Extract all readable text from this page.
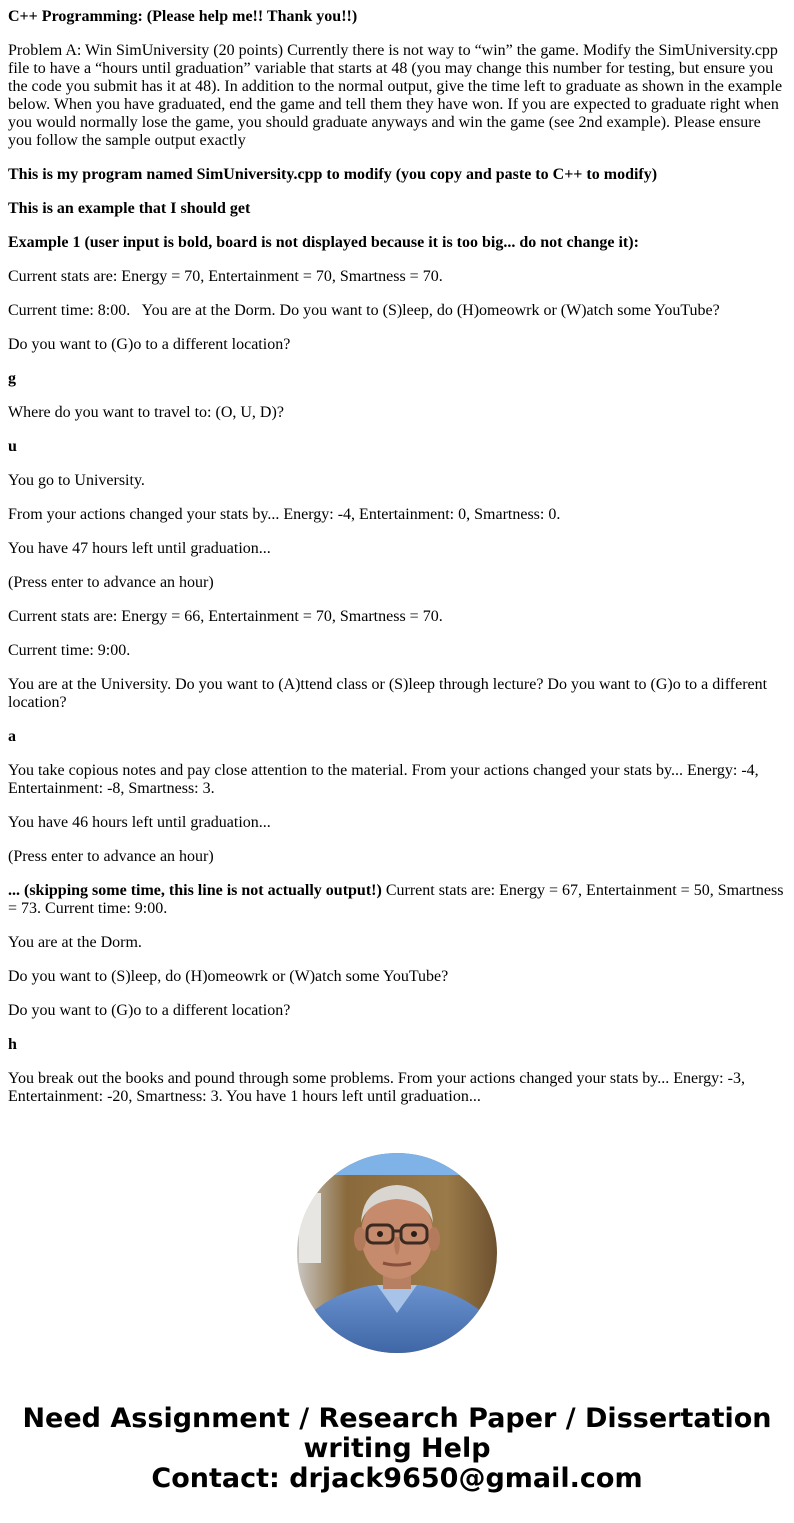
C++ Programming: (Please help me!! Thank you!!)

Problem A: Win SimUniversity (20 points) Currently there is not way to “win” the game. Modify the SimUniversity.cpp file to have a “hours until graduation” variable that starts at 48 (you may change this number for testing, but ensure you the code you submit has it at 48). In addition to the normal output, give the time left to graduate as shown in the example below. When you have graduated, end the game and tell them they have won. If you are expected to graduate right when you would normally lose the game, you should graduate anyways and win the game (see 2nd example). Please ensure you follow the sample output exactly

This is my program named SimUniversity.cpp to modify (you copy and paste to C++ to modify)

This is an example that I should get

Example 1 (user input is bold, board is not displayed because it is too big... do not change it):

Current stats are: Energy = 70, Entertainment = 70, Smartness = 70.

Current time: 8:00.   You are at the Dorm. Do you want to (S)leep, do (H)omeowrk or (W)atch some YouTube?

Do you want to (G)o to a different location?

g

Where do you want to travel to: (O, U, D)?

u

You go to University.

From your actions changed your stats by... Energy: -4, Entertainment: 0, Smartness: 0.

You have 47 hours left until graduation...

(Press enter to advance an hour)

Current stats are: Energy = 66, Entertainment = 70, Smartness = 70.

Current time: 9:00.

You are at the University. Do you want to (A)ttend class or (S)leep through lecture? Do you want to (G)o to a different location?

a

You take copious notes and pay close attention to the material. From your actions changed your stats by... Energy: -4, Entertainment: -8, Smartness: 3.

You have 46 hours left until graduation...

(Press enter to advance an hour)

... (skipping some time, this line is not actually output!) Current stats are: Energy = 67, Entertainment = 50, Smartness = 73. Current time: 9:00.

You are at the Dorm.

Do you want to (S)leep, do (H)omeowrk or (W)atch some YouTube?

Do you want to (G)o to a different location?

h

You break out the books and pound through some problems. From your actions changed your stats by... Energy: -3, Entertainment: -20, Smartness: 3. You have 1 hours left until graduation...

Need Assignment / Research Paper / Dissertation
writing Help
Contact: drjack9650@gmail.com
